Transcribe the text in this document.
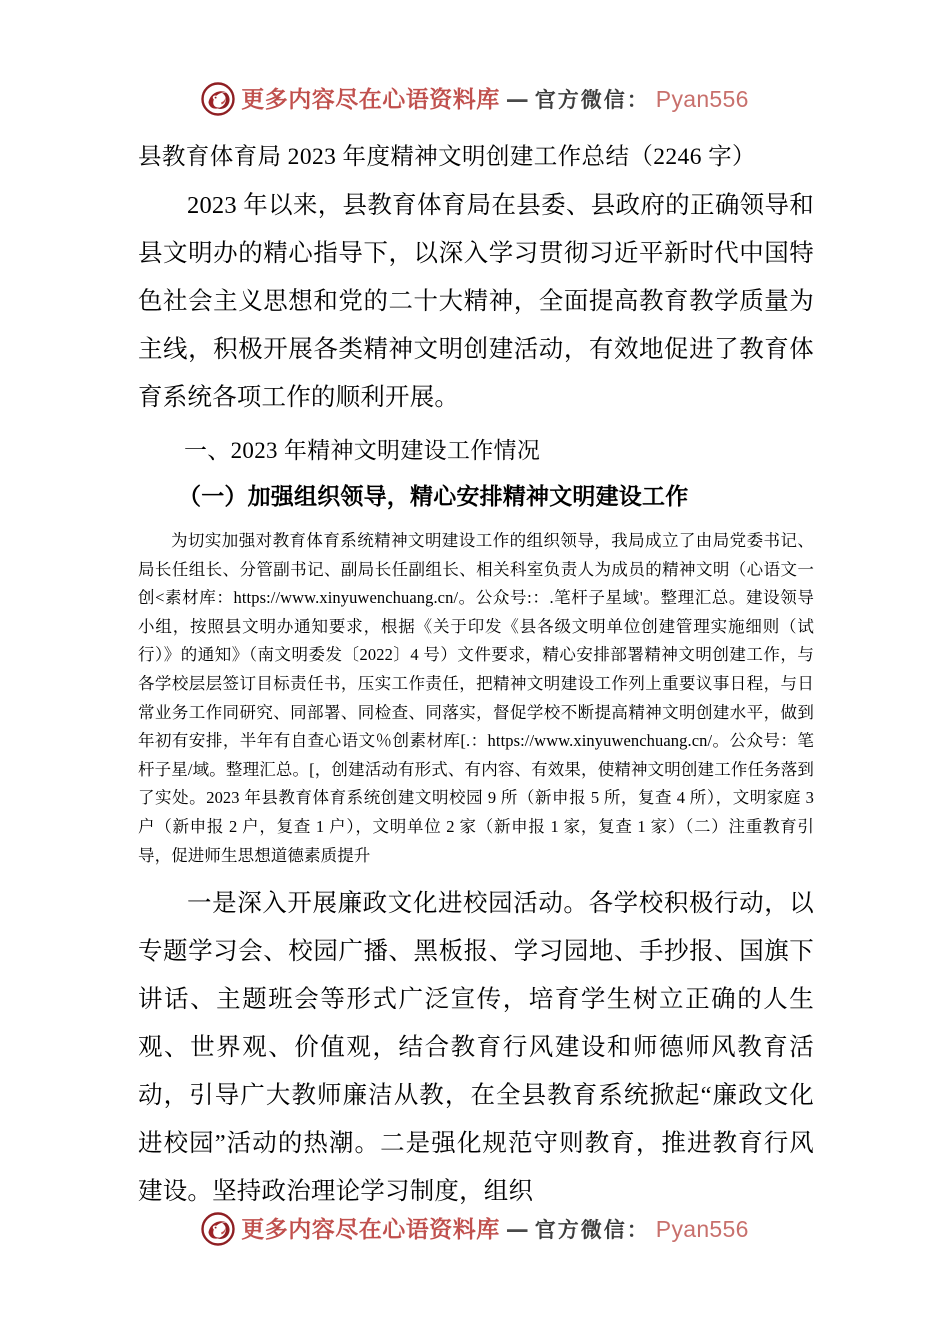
更多内容尽在心语资料库 — 官方微信： Pyan556
县教育体育局 2023 年度精神文明创建工作总结（2246 字）

2023 年以来，县教育体育局在县委、县政府的正确领导和县文明办的精心指导下，以深入学习贯彻习近平新时代中国特色社会主义思想和党的二十大精神，全面提高教育教学质量为主线，积极开展各类精神文明创建活动，有效地促进了教育体育系统各项工作的顺利开展。

一、2023 年精神文明建设工作情况

（一）加强组织领导，精心安排精神文明建设工作

为切实加强对教育体育系统精神文明建设工作的组织领导，我局成立了由局党委书记、局长任组长、分管副书记、副局长任副组长、相关科室负责人为成员的精神文明（心语文一创<素材库：https://www.xinyuwenchuang.cn/。公众号:：.笔杆子星域'。整理汇总。建设领导小组，按照县文明办通知要求，根据《关于印发《县各级文明单位创建管理实施细则（试行）》的通知》（南文明委发〔2022〕4 号）文件要求，精心安排部署精神文明创建工作，与各学校层层签订目标责任书，压实工作责任，把精神文明建设工作列上重要议事日程，与日常业务工作同研究、同部署、同检查、同落实，督促学校不断提高精神文明创建水平，做到年初有安排，半年有自查心语文％创素材库[.：https://www.xinyuwenchuang.cn/。公众号：笔杆子星/域。整理汇总。[，创建活动有形式、有内容、有效果，使精神文明创建工作任务落到了实处。2023 年县教育体育系统创建文明校园 9 所（新申报 5 所，复查 4 所），文明家庭 3 户（新申报 2 户，复查 1 户），文明单位 2 家（新申报 1 家，复查 1 家）（二）注重教育引导，促进师生思想道德素质提升

一是深入开展廉政文化进校园活动。各学校积极行动，以专题学习会、校园广播、黑板报、学习园地、手抄报、国旗下讲话、主题班会等形式广泛宣传，培育学生树立正确的人生观、世界观、价值观，结合教育行风建设和师德师风教育活动，引导广大教师廉洁从教，在全县教育系统掀起“廉政文化进校园”活动的热潮。二是强化规范守则教育，推进教育行风建设。坚持政治理论学习制度，组织

更多内容尽在心语资料库 — 官方微信： Pyan556
